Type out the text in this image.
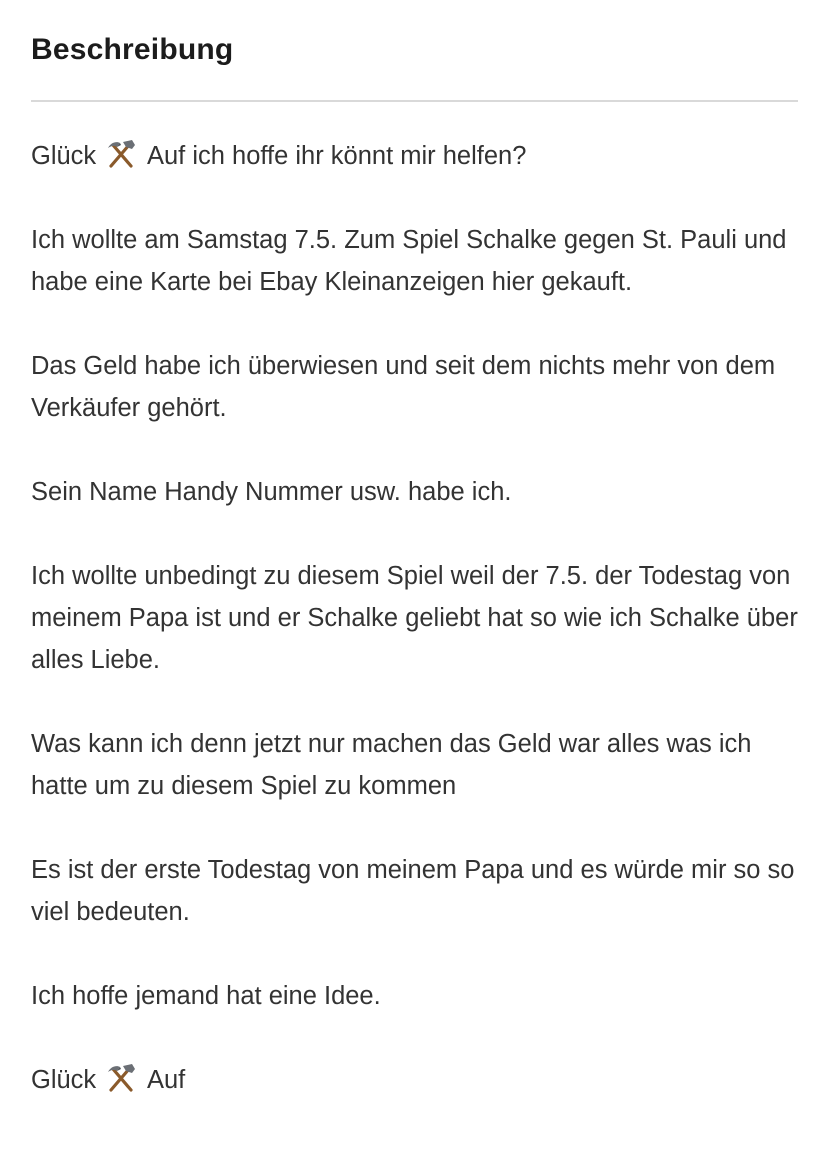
Beschreibung

Glück Auf ich hoffe ihr könnt mir helfen?

Ich wollte am Samstag 7.5. Zum Spiel Schalke gegen St. Pauli und habe eine Karte bei Ebay Kleinanzeigen hier gekauft.

Das Geld habe ich überwiesen und seit dem nichts mehr von dem Verkäufer gehört.

Sein Name Handy Nummer usw. habe ich.

Ich wollte unbedingt zu diesem Spiel weil der 7.5. der Todestag von meinem Papa ist und er Schalke geliebt hat so wie ich Schalke über alles Liebe.

Was kann ich denn jetzt nur machen das Geld war alles was ich hatte um zu diesem Spiel zu kommen

Es ist der erste Todestag von meinem Papa und es würde mir so so viel bedeuten.

Ich hoffe jemand hat eine Idee.

Glück Auf
